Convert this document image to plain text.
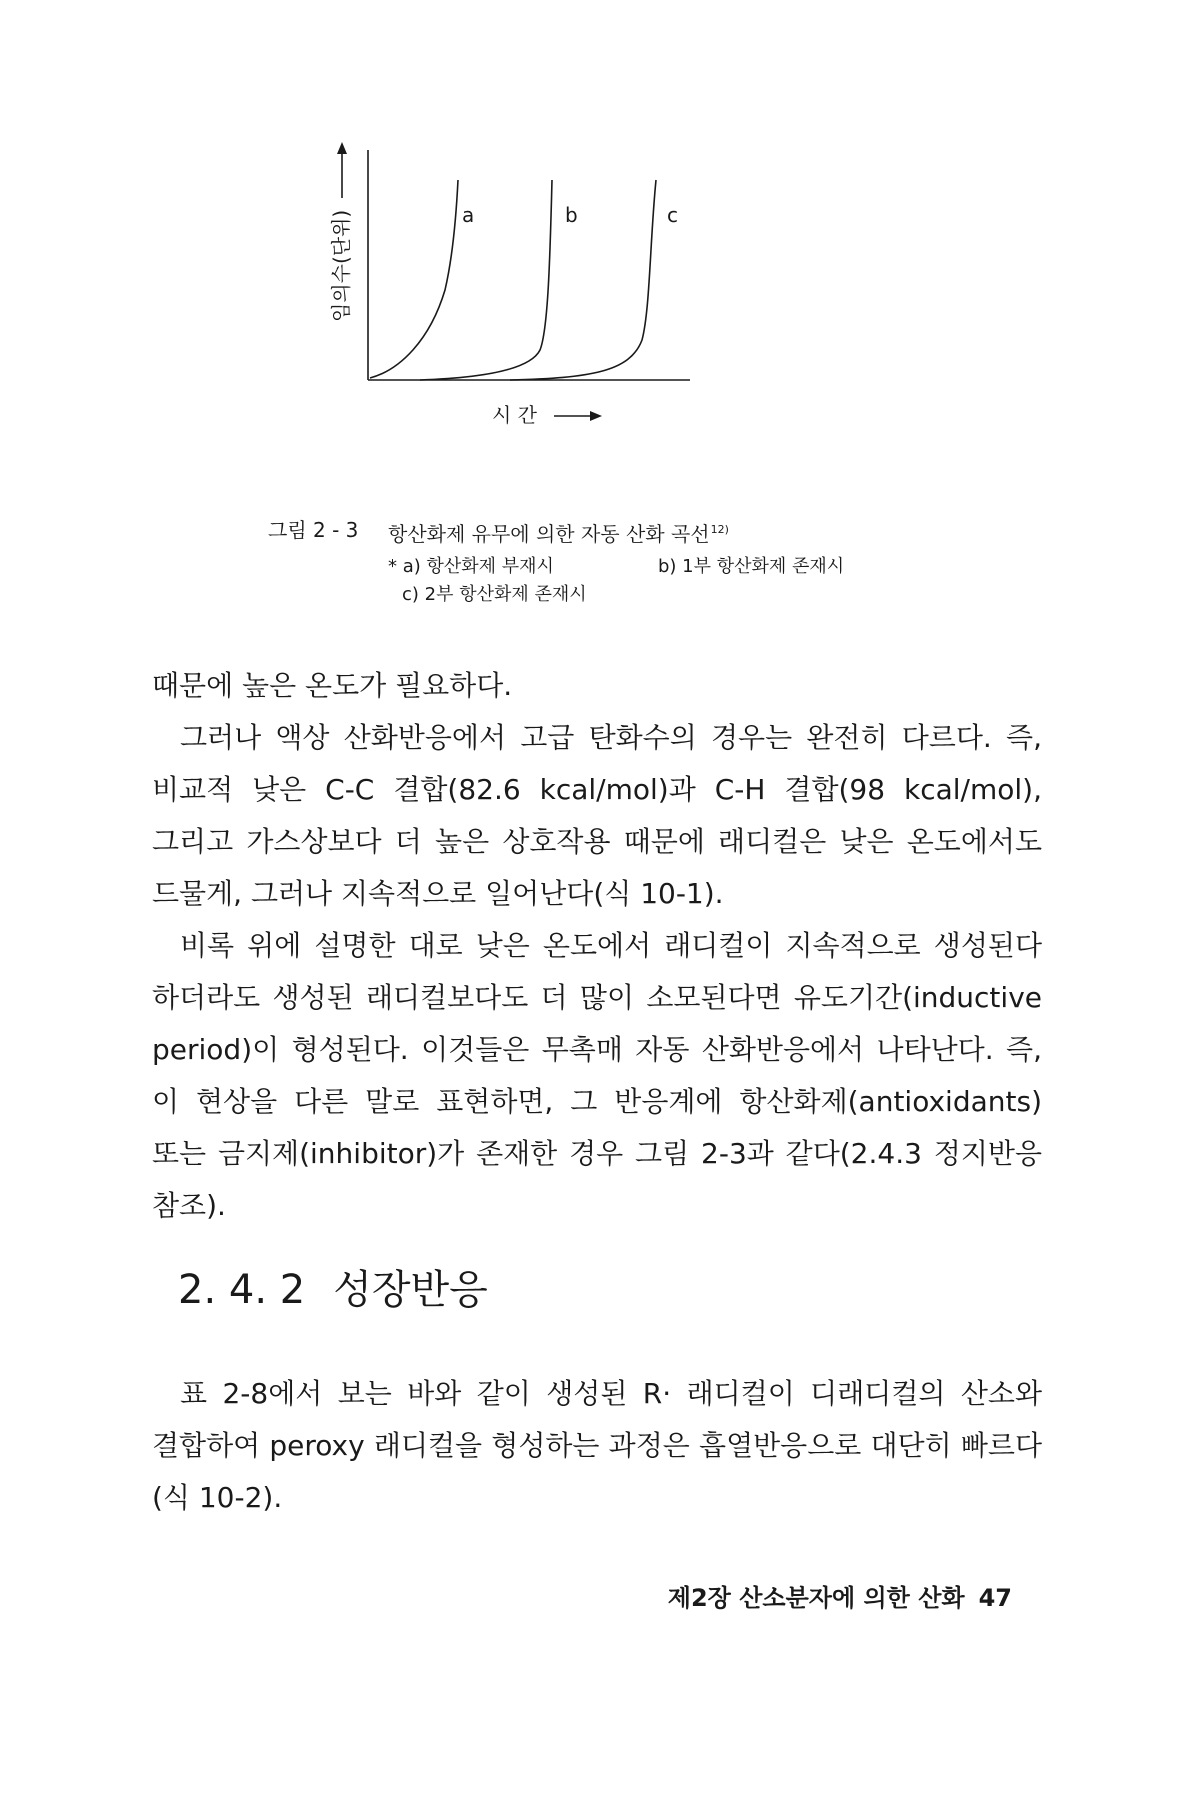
임의수(단위)	a	b	c
시 간
그림 2 - 3	항산화제 유무에 의한 자동 산화 곡선$^{12)}$
* a) 항산화제 부재시	b) 1부 항산화제 존재시
c) 2부 항산화제 존재시

때문에 높은 온도가 필요하다.

그러나 액상 산화반응에서 고급 탄화수의 경우는 완전히 다르다. 즉, 비교적 낮은 C-C 결합(82.6 kcal/mol)과 C-H 결합(98 kcal/mol), 그리고 가스상보다 더 높은 상호작용 때문에 래디컬은 낮은 온도에서도 드물게, 그러나 지속적으로 일어난다(식 10-1).

비록 위에 설명한 대로 낮은 온도에서 래디컬이 지속적으로 생성된다 하더라도 생성된 래디컬보다도 더 많이 소모된다면 유도기간(inductive period)이 형성된다. 이것들은 무촉매 자동 산화반응에서 나타난다. 즉, 이 현상을 다른 말로 표현하면, 그 반응계에 항산화제(antioxidants) 또는 금지제(inhibitor)가 존재한 경우 그림 2-3과 같다(2.4.3 정지반응 참조).

2. 4. 2 성장반응

표 2-8에서 보는 바와 같이 생성된 R· 래디컬이 디래디컬의 산소와 결합하여 peroxy 래디컬을 형성하는 과정은 흡열반응으로 대단히 빠르다(식 10-2).

제2장 산소분자에 의한 산화 47
